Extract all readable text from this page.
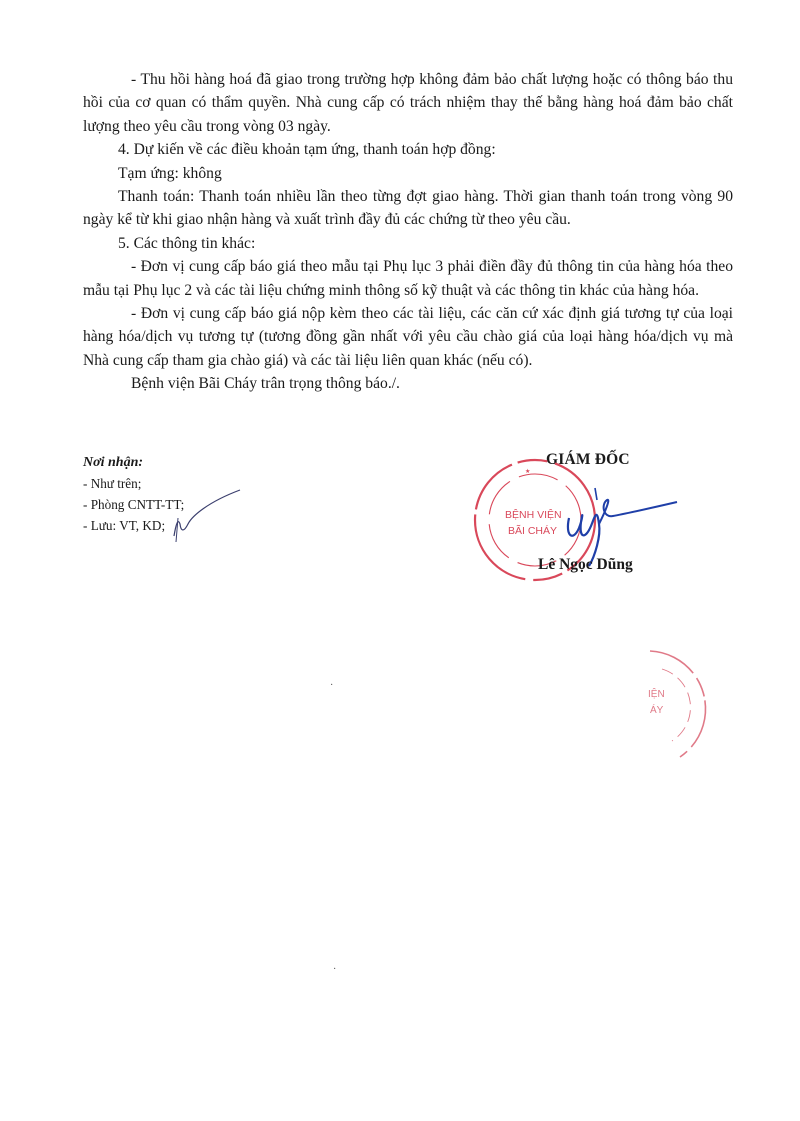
- Thu hồi hàng hoá đã giao trong trường hợp không đảm bảo chất lượng hoặc có thông báo thu hồi của cơ quan có thẩm quyền. Nhà cung cấp có trách nhiệm thay thế bằng hàng hoá đảm bảo chất lượng theo yêu cầu trong vòng 03 ngày.

4. Dự kiến về các điều khoản tạm ứng, thanh toán hợp đồng:

Tạm ứng: không

Thanh toán: Thanh toán nhiều lần theo từng đợt giao hàng. Thời gian thanh toán trong vòng 90 ngày kể từ khi giao nhận hàng và xuất trình đầy đủ các chứng từ theo yêu cầu.

5. Các thông tin khác:

- Đơn vị cung cấp báo giá theo mẫu tại Phụ lục 3 phải điền đầy đủ thông tin của hàng hóa theo mẫu tại Phụ lục 2 và các tài liệu chứng minh thông số kỹ thuật và các thông tin khác của hàng hóa.

- Đơn vị cung cấp báo giá nộp kèm theo các tài liệu, các căn cứ xác định giá tương tự của loại hàng hóa/dịch vụ tương tự (tương đồng gần nhất với yêu cầu chào giá của loại hàng hóa/dịch vụ mà Nhà cung cấp tham gia chào giá) và các tài liệu liên quan khác (nếu có).

Bệnh viện Bãi Cháy trân trọng thông báo./.

Nơi nhận:
- Như trên;
- Phòng CNTT-TT;
- Lưu: VT, KD;
GIÁM ĐỐC
BỆNH VIỆN
BÃI CHÁY
★
Lê Ngọc Dũng
IỆN
ÁY
·
·
